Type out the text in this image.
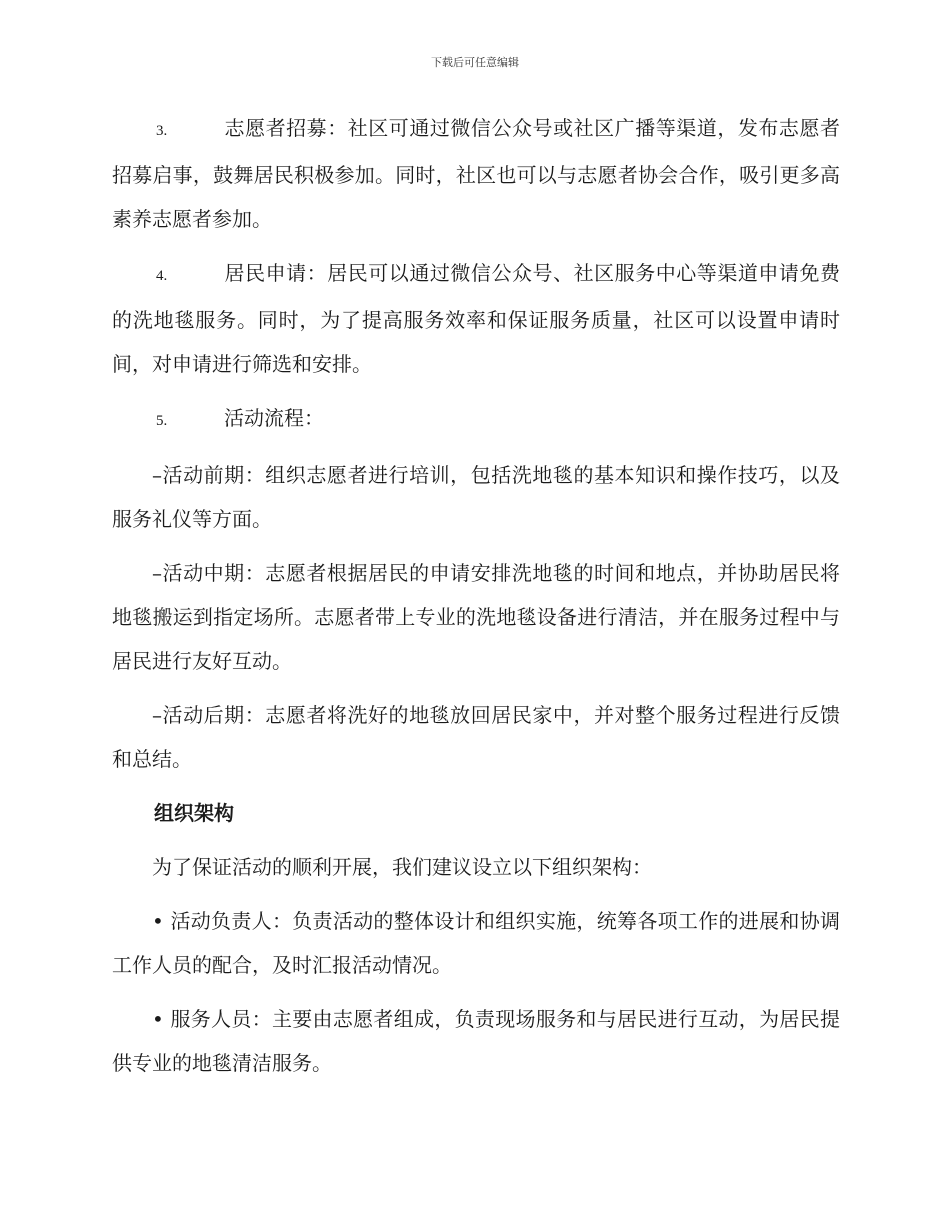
下载后可任意编辑

3.	志愿者招募：社区可通过微信公众号或社区广播等渠道，发布志愿者招募启事，鼓舞居民积极参加。同时，社区也可以与志愿者协会合作，吸引更多高素养志愿者参加。

4.	居民申请：居民可以通过微信公众号、社区服务中心等渠道申请免费的洗地毯服务。同时，为了提高服务效率和保证服务质量，社区可以设置申请时间，对申请进行筛选和安排。

5.	活动流程：

–活动前期：组织志愿者进行培训，包括洗地毯的基本知识和操作技巧，以及服务礼仪等方面。

–活动中期：志愿者根据居民的申请安排洗地毯的时间和地点，并协助居民将地毯搬运到指定场所。志愿者带上专业的洗地毯设备进行清洁，并在服务过程中与居民进行友好互动。

–活动后期：志愿者将洗好的地毯放回居民家中，并对整个服务过程进行反馈和总结。

组织架构

为了保证活动的顺利开展，我们建议设立以下组织架构：

• 活动负责人：负责活动的整体设计和组织实施，统筹各项工作的进展和协调工作人员的配合，及时汇报活动情况。

• 服务人员：主要由志愿者组成，负责现场服务和与居民进行互动，为居民提供专业的地毯清洁服务。
